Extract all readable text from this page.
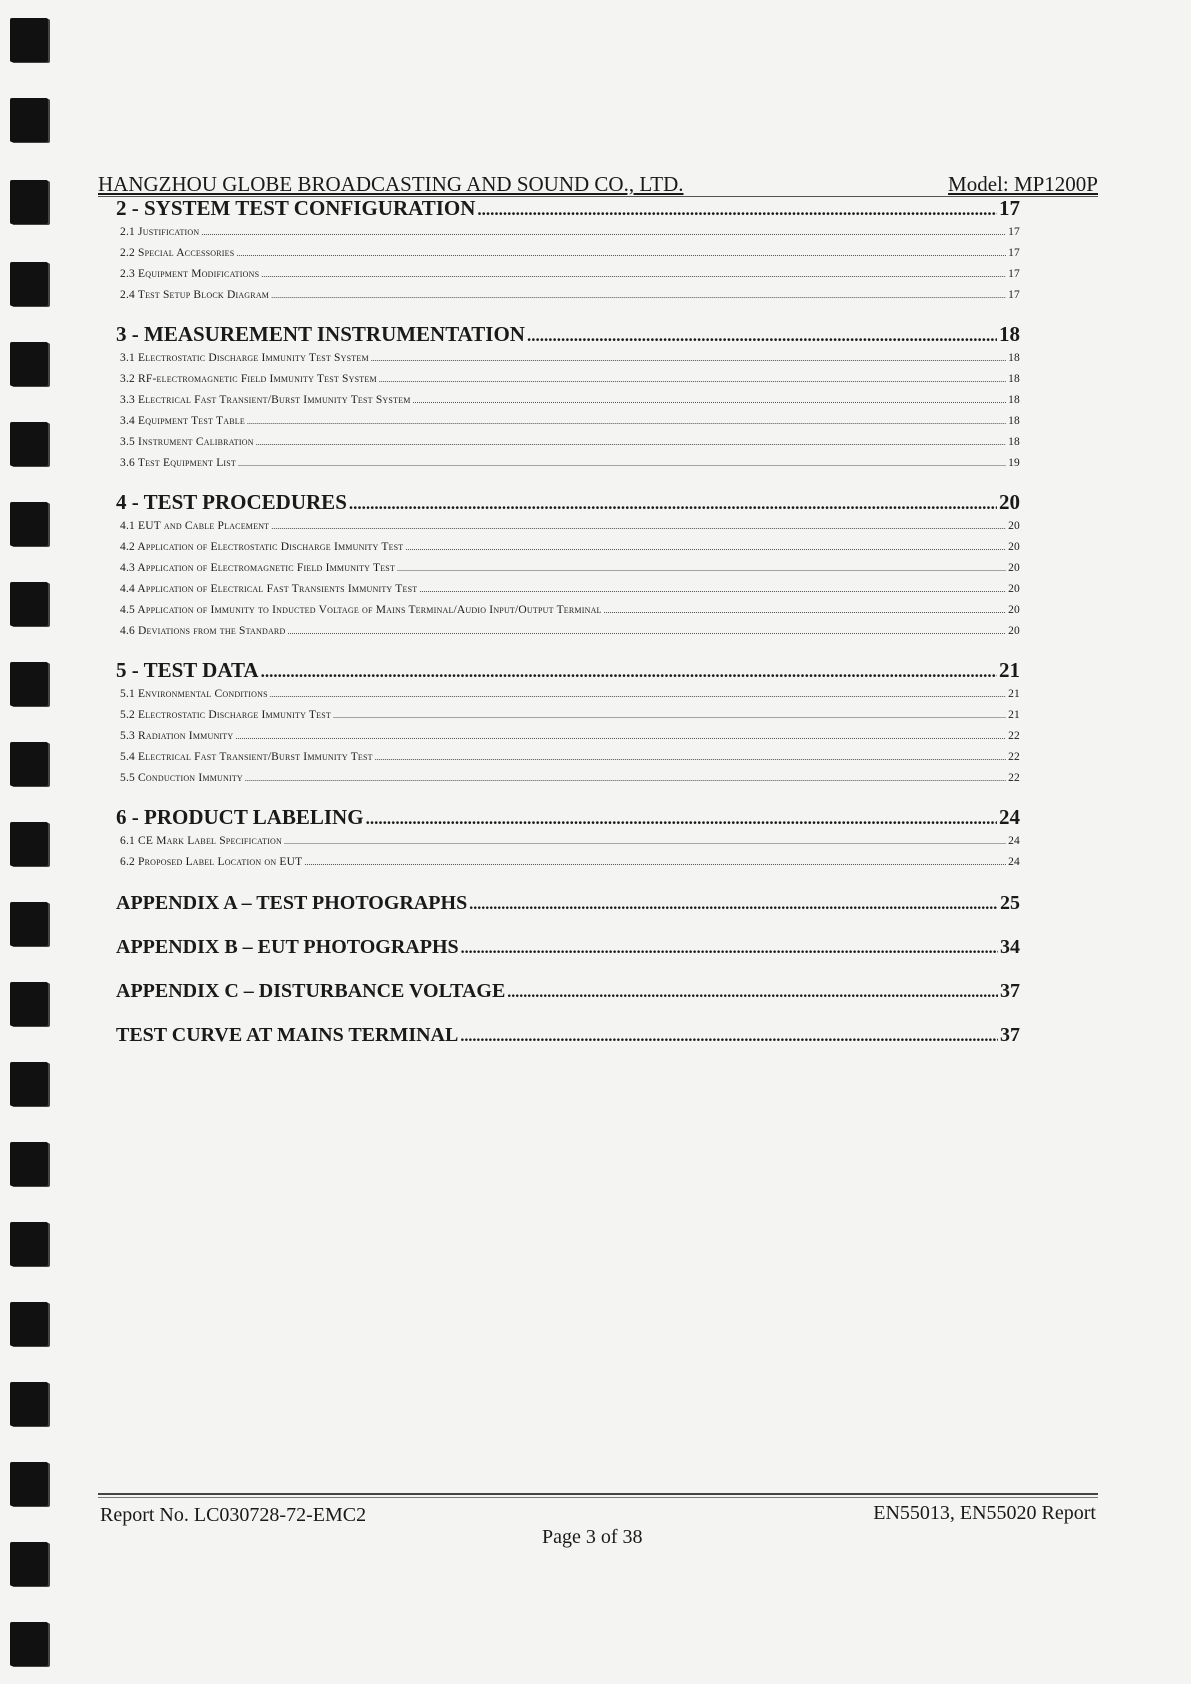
HANGZHOU GLOBE BROADCASTING AND SOUND CO., LTD.	Model: MP1200P
2 - SYSTEM TEST CONFIGURATION .....	17
2.1 Justification .....	17
2.2 Special Accessories .....	17
2.3 Equipment Modifications .....	17
2.4 Test Setup Block Diagram .....	17
3 - MEASUREMENT INSTRUMENTATION .....	18
3.1 Electrostatic Discharge Immunity Test System .....	18
3.2 RF-electromagnetic Field Immunity Test System .....	18
3.3 Electrical Fast Transient/Burst Immunity Test System .....	18
3.4 Equipment Test Table .....	18
3.5 Instrument Calibration .....	18
3.6 Test Equipment List .....	19
4 - TEST PROCEDURES .....	20
4.1 EUT and Cable Placement .....	20
4.2 Application of Electrostatic Discharge Immunity Test .....	20
4.3 Application of Electromagnetic Field Immunity Test .....	20
4.4 Application of Electrical Fast Transients Immunity Test .....	20
4.5 Application of Immunity to Inducted Voltage of Mains Terminal/Audio Input/Output Terminal .....	20
4.6 Deviations from the Standard .....	20
5 - TEST DATA .....	21
5.1 Environmental Conditions .....	21
5.2 Electrostatic Discharge Immunity Test .....	21
5.3 Radiation Immunity .....	22
5.4 Electrical Fast Transient/Burst Immunity Test .....	22
5.5 Conduction Immunity .....	22
6 - PRODUCT LABELING .....	24
6.1 CE Mark Label Specification .....	24
6.2 Proposed Label Location on EUT .....	24
APPENDIX A – TEST PHOTOGRAPHS .....	25
APPENDIX B – EUT PHOTOGRAPHS .....	34
APPENDIX C – DISTURBANCE VOLTAGE .....	37
TEST CURVE AT MAINS TERMINAL .....	37
Report No. LC030728-72-EMC2	EN55013, EN55020 Report
Page 3 of 38
